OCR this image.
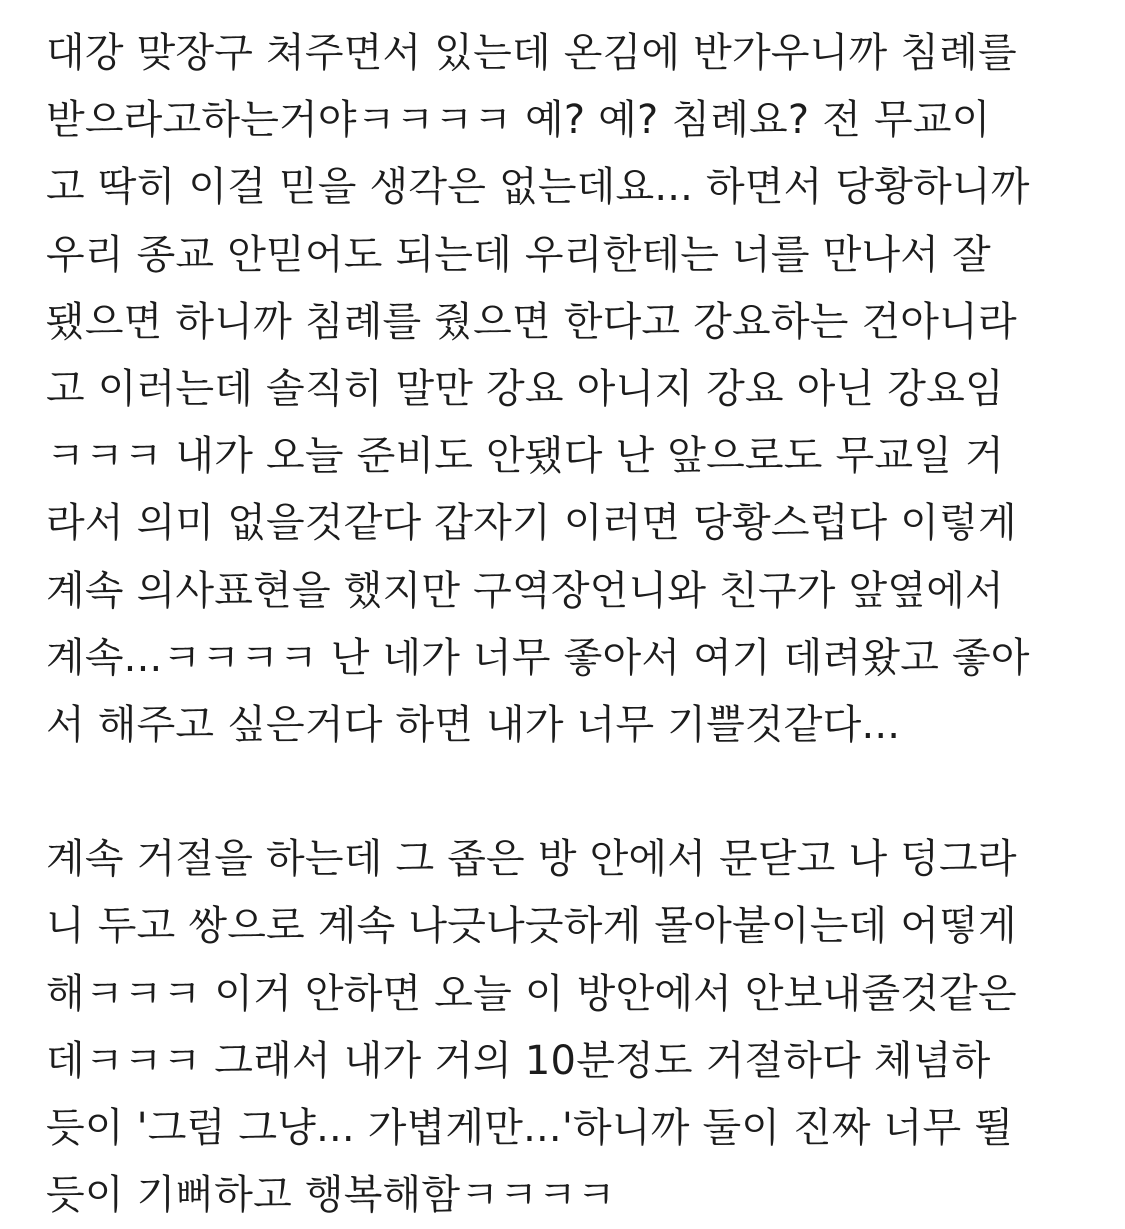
대강 맞장구 쳐주면서 있는데 온김에 반가우니까 침례를
받으라고하는거야ㅋㅋㅋㅋ 예? 예? 침례요? 전 무교이
고 딱히 이걸 믿을 생각은 없는데요... 하면서 당황하니까
우리 종교 안믿어도 되는데 우리한테는 너를 만나서 잘
됐으면 하니까 침례를 줬으면 한다고 강요하는 건아니라
고 이러는데 솔직히 말만 강요 아니지 강요 아닌 강요임
ㅋㅋㅋ 내가 오늘 준비도 안됐다 난 앞으로도 무교일 거
라서 의미 없을것같다 갑자기 이러면 당황스럽다 이렇게
계속 의사표현을 했지만 구역장언니와 친구가 앞옆에서
계속...ㅋㅋㅋㅋ 난 네가 너무 좋아서 여기 데려왔고 좋아
서 해주고 싶은거다 하면 내가 너무 기쁠것같다...
계속 거절을 하는데 그 좁은 방 안에서 문닫고 나 덩그라
니 두고 쌍으로 계속 나긋나긋하게 몰아붙이는데 어떻게
해ㅋㅋㅋ 이거 안하면 오늘 이 방안에서 안보내줄것같은
데ㅋㅋㅋ 그래서 내가 거의 10분정도 거절하다 체념하
듯이 '그럼 그냥... 가볍게만...'하니까 둘이 진짜 너무 뛸
듯이 기뻐하고 행복해함ㅋㅋㅋㅋ
